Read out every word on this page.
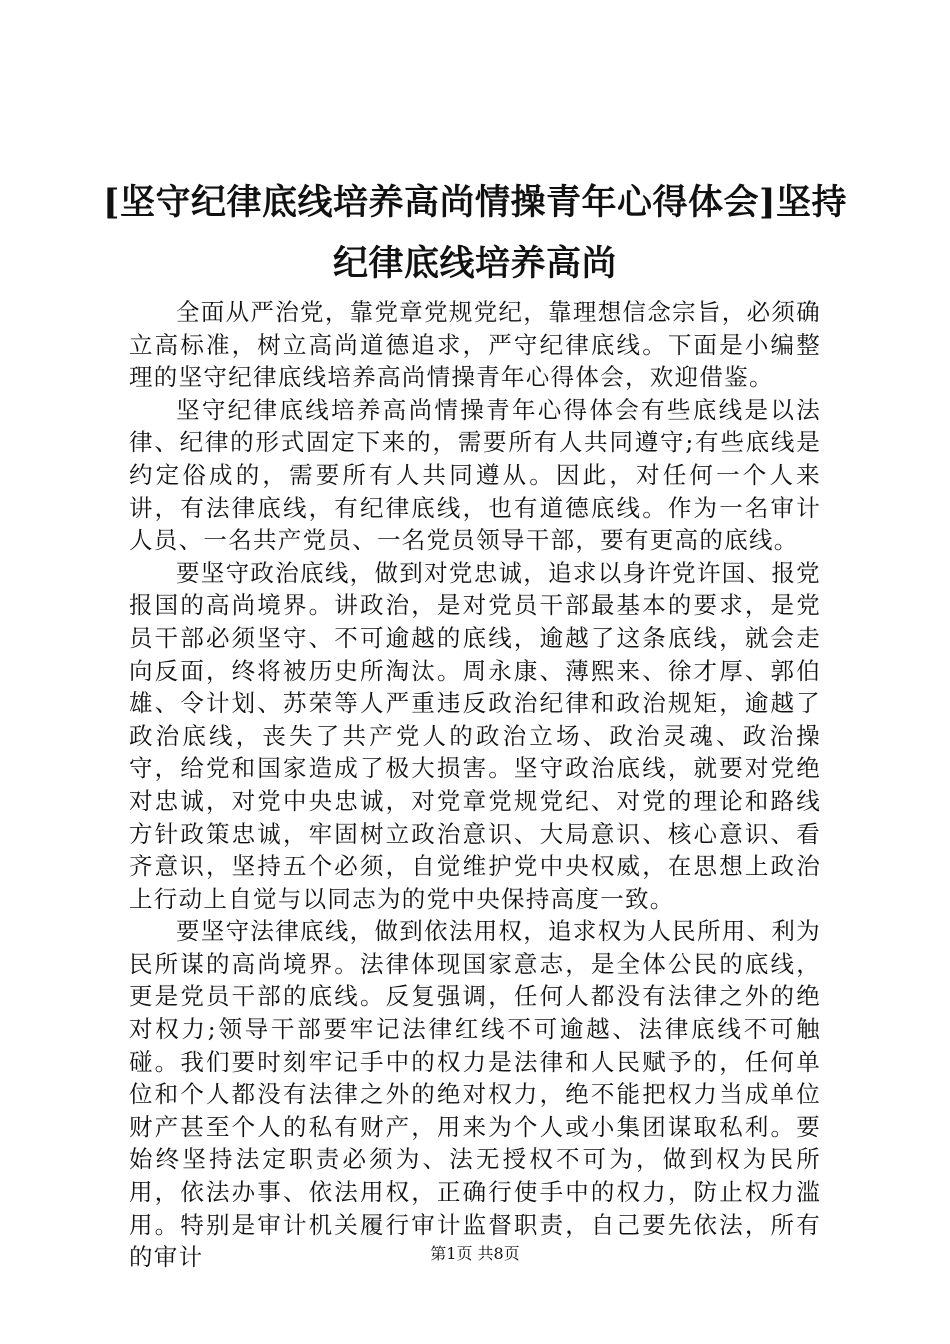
[坚守纪律底线培养高尚情操青年心得体会]坚持纪律底线培养高尚

全面从严治党，靠党章党规党纪，靠理想信念宗旨，必须确立高标准，树立高尚道德追求，严守纪律底线。下面是小编整理的坚守纪律底线培养高尚情操青年心得体会，欢迎借鉴。

坚守纪律底线培养高尚情操青年心得体会有些底线是以法律、纪律的形式固定下来的，需要所有人共同遵守;有些底线是约定俗成的，需要所有人共同遵从。因此，对任何一个人来讲，有法律底线，有纪律底线，也有道德底线。作为一名审计人员、一名共产党员、一名党员领导干部，要有更高的底线。

要坚守政治底线，做到对党忠诚，追求以身许党许国、报党报国的高尚境界。讲政治，是对党员干部最基本的要求，是党员干部必须坚守、不可逾越的底线，逾越了这条底线，就会走向反面，终将被历史所淘汰。周永康、薄熙来、徐才厚、郭伯雄、令计划、苏荣等人严重违反政治纪律和政治规矩，逾越了政治底线，丧失了共产党人的政治立场、政治灵魂、政治操守，给党和国家造成了极大损害。坚守政治底线，就要对党绝对忠诚，对党中央忠诚，对党章党规党纪、对党的理论和路线方针政策忠诚，牢固树立政治意识、大局意识、核心意识、看齐意识，坚持五个必须，自觉维护党中央权威，在思想上政治上行动上自觉与以同志为的党中央保持高度一致。

要坚守法律底线，做到依法用权，追求权为人民所用、利为民所谋的高尚境界。法律体现国家意志，是全体公民的底线，更是党员干部的底线。反复强调，任何人都没有法律之外的绝对权力;领导干部要牢记法律红线不可逾越、法律底线不可触碰。我们要时刻牢记手中的权力是法律和人民赋予的，任何单位和个人都没有法律之外的绝对权力，绝不能把权力当成单位财产甚至个人的私有财产，用来为个人或小集团谋取私利。要始终坚持法定职责必须为、法无授权不可为，做到权为民所用，依法办事、依法用权，正确行使手中的权力，防止权力滥用。特别是审计机关履行审计监督职责，自己要先依法，所有的审计	第1页 共8页
